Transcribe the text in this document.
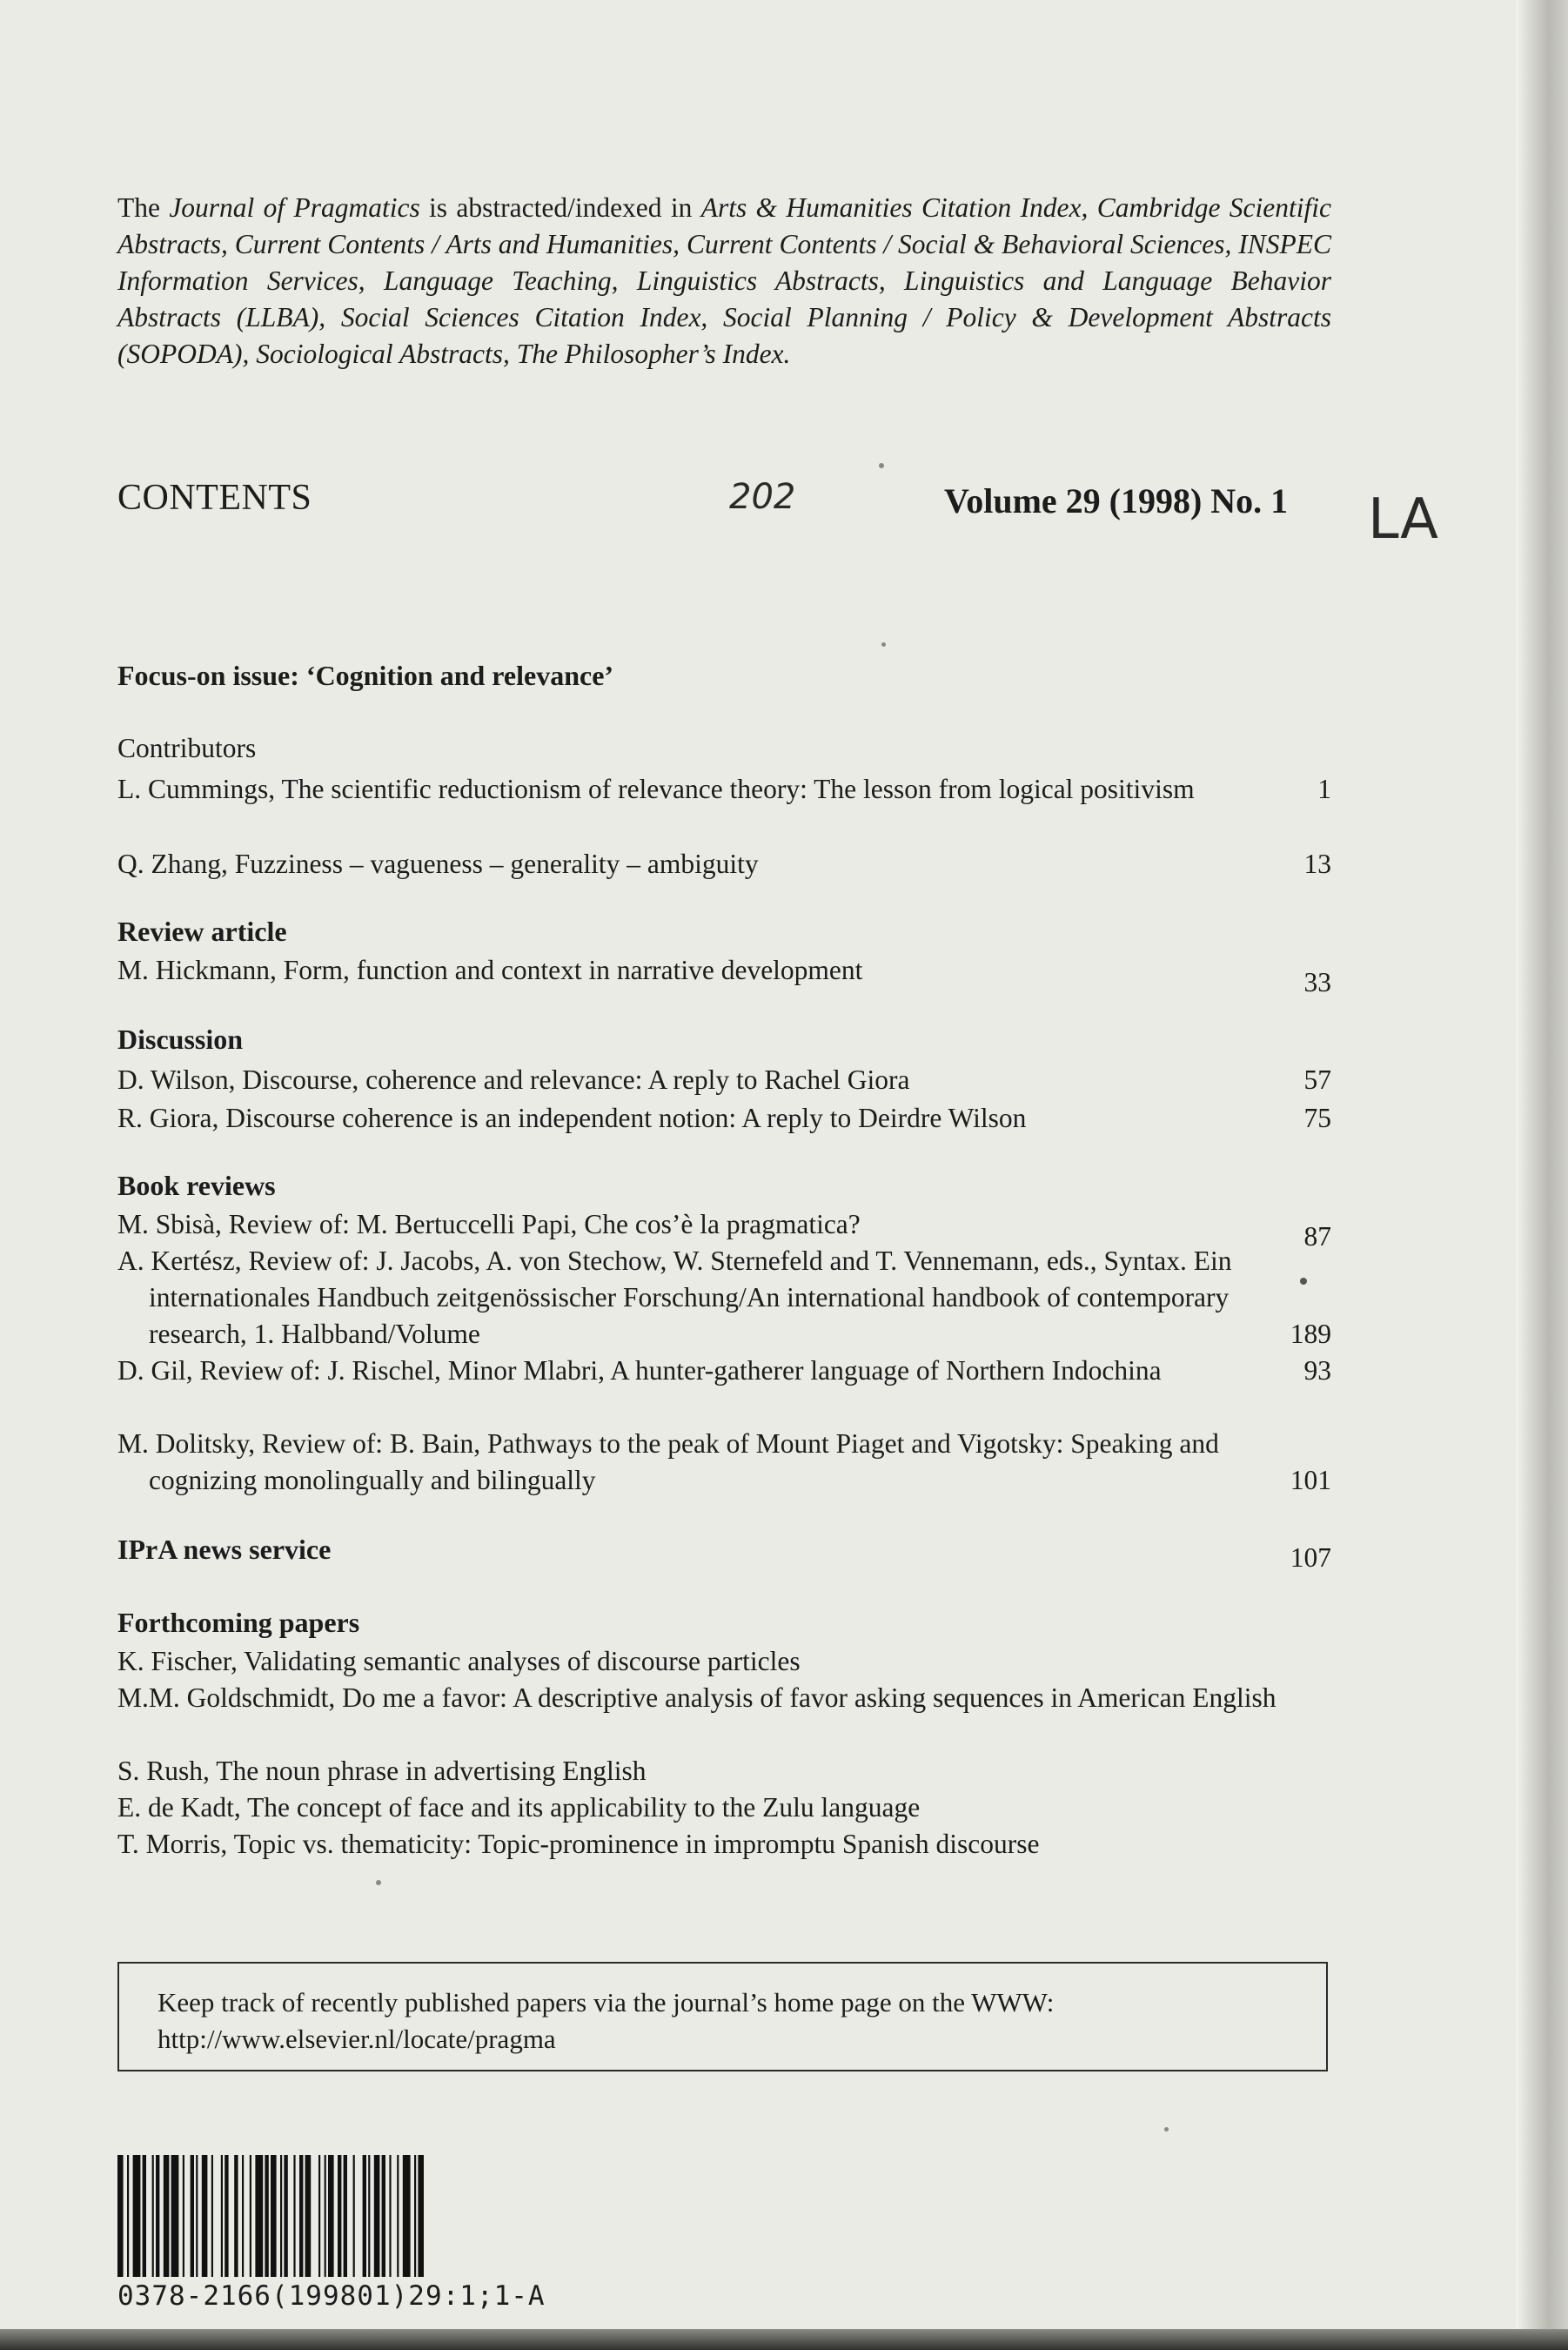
The Journal of Pragmatics is abstracted/indexed in Arts & Humanities Citation Index, Cambridge Scientific Abstracts, Current Contents / Arts and Humanities, Current Contents / Social & Behavioral Sciences, INSPEC Information Services, Language Teaching, Linguistics Abstracts, Linguistics and Language Behavior Abstracts (LLBA), Social Sciences Citation Index, Social Planning / Policy & Development Abstracts (SOPODA), Sociological Abstracts, The Philosopher’s Index.

CONTENTS	202	Volume 29 (1998) No. 1 LA
Focus-on issue: ‘Cognition and relevance’
Contributors
L. Cummings, The scientific reductionism of relevance theory: The lesson from logical positivism	1
Q. Zhang, Fuzziness – vagueness – generality – ambiguity	13
Review article
M. Hickmann, Form, function and context in narrative development	33
Discussion
D. Wilson, Discourse, coherence and relevance: A reply to Rachel Giora	57
R. Giora, Discourse coherence is an independent notion: A reply to Deirdre Wilson	75
Book reviews
M. Sbisà, Review of: M. Bertuccelli Papi, Che cos’è la pragmatica?	87
A. Kertész, Review of: J. Jacobs, A. von Stechow, W. Sternefeld and T. Vennemann, eds., Syntax. Ein internationales Handbuch zeitgenössischer Forschung/An international handbook of contemporary research, 1. Halbband/Volume	189
D. Gil, Review of: J. Rischel, Minor Mlabri, A hunter-gatherer language of Northern Indochina	93
M. Dolitsky, Review of: B. Bain, Pathways to the peak of Mount Piaget and Vigotsky: Speaking and cognizing monolingually and bilingually	101
IPrA news service	107
Forthcoming papers
K. Fischer, Validating semantic analyses of discourse particles
M.M. Goldschmidt, Do me a favor: A descriptive analysis of favor asking sequences in American English
S. Rush, The noun phrase in advertising English
E. de Kadt, The concept of face and its applicability to the Zulu language
T. Morris, Topic vs. thematicity: Topic-prominence in impromptu Spanish discourse
Keep track of recently published papers via the journal’s home page on the WWW: http://www.elsevier.nl/locate/pragma
0378-2166(199801)29:1;1-A
